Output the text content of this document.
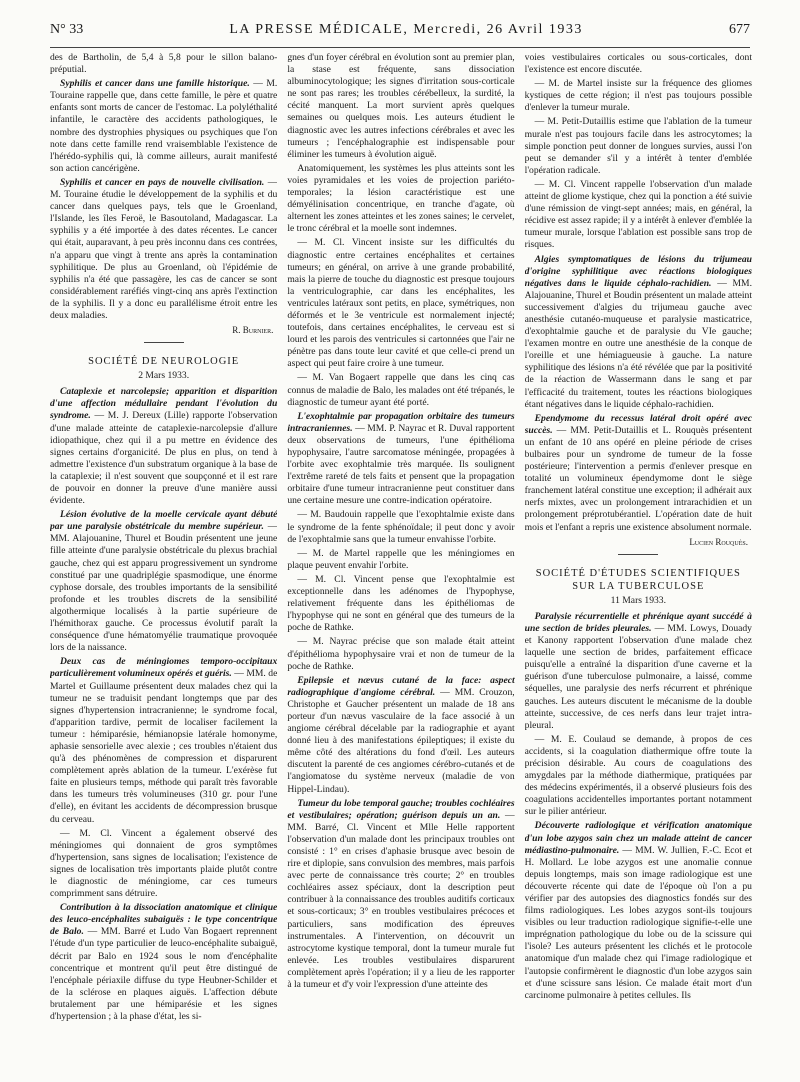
N° 33	LA PRESSE MÉDICALE, Mercredi, 26 Avril 1933	677

des de Bartholin, de 5,4 à 5,8 pour le sillon balano-préputial.

Syphilis et cancer dans une famille historique. — M. Touraine rappelle que, dans cette famille, le père et quatre enfants sont morts de cancer de l'estomac. La polyléthalité infantile, le caractère des accidents pathologiques, le nombre des dystrophies physiques ou psychiques que l'on note dans cette famille rend vraisemblable l'existence de l'hérédo-syphilis qui, là comme ailleurs, aurait manifesté son action cancérigène.

Syphilis et cancer en pays de nouvelle civilisation. — M. Touraine étudie le développement de la syphilis et du cancer dans quelques pays, tels que le Groenland, l'Islande, les îles Feroë, le Basoutoland, Madagascar. La syphilis y a été importée à des dates récentes. Le cancer qui était, auparavant, à peu près inconnu dans ces contrées, n'a apparu que vingt à trente ans après la contamination syphilitique. De plus au Groenland, où l'épidémie de syphilis n'a été que passagère, les cas de cancer se sont considérablement raréfiés vingt-cinq ans après l'extinction de la syphilis. Il y a donc eu parallélisme étroit entre les deux maladies.

R. Burnier.
SOCIÉTÉ DE NEUROLOGIE
2 Mars 1933.

Cataplexie et narcolepsie; apparition et disparition d'une affection médullaire pendant l'évolution du syndrome. — M. J. Dereux (Lille) rapporte l'observation d'une malade atteinte de cataplexie-narcolepsie d'allure idiopathique, chez qui il a pu mettre en évidence des signes certains d'organicité. De plus en plus, on tend à admettre l'existence d'un substratum organique à la base de la cataplexie; il n'est souvent que soupçonné et il est rare de pouvoir en donner la preuve d'une manière aussi évidente.

Lésion évolutive de la moelle cervicale ayant débuté par une paralysie obstétricale du membre supérieur. — MM. Alajouanine, Thurel et Boudin présentent une jeune fille atteinte d'une paralysie obstétricale du plexus brachial gauche, chez qui est apparu progressivement un syndrome constitué par une quadriplégie spasmodique, une énorme cyphose dorsale, des troubles importants de la sensibilité profonde et les troubles discrets de la sensibilité algothermique localisés à la partie supérieure de l'hémithorax gauche. Ce processus évolutif paraît la conséquence d'une hématomyélie traumatique provoquée lors de la naissance.

Deux cas de méningiomes temporo-occipitaux particulièrement volumineux opérés et guéris. — MM. de Martel et Guillaume présentent deux malades chez qui la tumeur ne se traduisit pendant longtemps que par des signes d'hypertension intracranienne; le syndrome focal, d'apparition tardive, permit de localiser facilement la tumeur : hémiparésie, hémianopsie latérale homonyme, aphasie sensorielle avec alexie ; ces troubles n'étaient dus qu'à des phénomènes de compression et disparurent complètement après ablation de la tumeur. L'exérèse fut faite en plusieurs temps, méthode qui paraît très favorable dans les tumeurs très volumineuses (310 gr. pour l'une d'elle), en évitant les accidents de décompression brusque du cerveau.

— M. Cl. Vincent a également observé des méningiomes qui donnaient de gros symptômes d'hypertension, sans signes de localisation; l'existence de signes de localisation très importants plaide plutôt contre le diagnostic de méningiome, car ces tumeurs comprimment sans détruire.

Contribution à la dissociation anatomique et clinique des leuco-encéphalites subaiguës : le type concentrique de Balo. — MM. Barré et Ludo Van Bogaert reprennent l'étude d'un type particulier de leuco-encéphalite subaiguë, décrit par Balo en 1924 sous le nom d'encéphalite concentrique et montrent qu'il peut être distingué de l'encéphale périaxile diffuse du type Heubner-Schilder et de la sclérose en plaques aiguës. L'affection débute brutalement par une hémiparésie et les signes d'hypertension ; à la phase d'état, les si-

gnes d'un foyer cérébral en évolution sont au premier plan, la stase est fréquente, sans dissociation albuminocytologique; les signes d'irritation sous-corticale ne sont pas rares; les troubles cérébelleux, la surdité, la cécité manquent. La mort survient après quelques semaines ou quelques mois. Les auteurs étudient le diagnostic avec les autres infections cérébrales et avec les tumeurs ; l'encéphalographie est indispensable pour éliminer les tumeurs à évolution aiguë.

Anatomiquement, les systèmes les plus atteints sont les voies pyramidales et les voies de projection pariéto-temporales; la lésion caractéristique est une démyélinisation concentrique, en tranche d'agate, où alternent les zones atteintes et les zones saines; le cervelet, le tronc cérébral et la moelle sont indemnes.

— M. Cl. Vincent insiste sur les difficultés du diagnostic entre certaines encéphalites et certaines tumeurs; en général, on arrive à une grande probabilité, mais la pierre de touche du diagnostic est presque toujours la ventriculographie, car dans les encéphalites, les ventricules latéraux sont petits, en place, symétriques, non déformés et le 3e ventricule est normalement injecté; toutefois, dans certaines encéphalites, le cerveau est si lourd et les parois des ventricules si cartonnées que l'air ne pénètre pas dans toute leur cavité et que celle-ci prend un aspect qui peut faire croire à une tumeur.

— M. Van Bogaert rappelle que dans les cinq cas connus de maladie de Balo, les malades ont été trépanés, le diagnostic de tumeur ayant été porté.

L'exophtalmie par propagation orbitaire des tumeurs intracraniennes. — MM. P. Nayrac et R. Duval rapportent deux observations de tumeurs, l'une épithélioma hypophysaire, l'autre sarcomatose méningée, propagées à l'orbite avec exophtalmie très marquée. Ils soulignent l'extrême rareté de tels faits et pensent que la propagation orbitaire d'une tumeur intracranienne peut constituer dans une certaine mesure une contre-indication opératoire.

— M. Baudouin rappelle que l'exophtalmie existe dans le syndrome de la fente sphénoïdale; il peut donc y avoir de l'exophtalmie sans que la tumeur envahisse l'orbite.

— M. de Martel rappelle que les méningiomes en plaque peuvent envahir l'orbite.

— M. Cl. Vincent pense que l'exophtalmie est exceptionnelle dans les adénomes de l'hypophyse, relativement fréquente dans les épithéliomas de l'hypophyse qui ne sont en général que des tumeurs de la poche de Rathke.

— M. Nayrac précise que son malade était atteint d'épithélioma hypophysaire vrai et non de tumeur de la poche de Rathke.

Epilepsie et nævus cutané de la face: aspect radiographique d'angiome cérébral. — MM. Crouzon, Christophe et Gaucher présentent un malade de 18 ans porteur d'un nævus vasculaire de la face associé à un angiome cérébral décelable par la radiographie et ayant donné lieu à des manifestations épileptiques; il existe du même côté des altérations du fond d'œil. Les auteurs discutent la parenté de ces angiomes cérébro-cutanés et de l'angiomatose du système nerveux (maladie de von Hippel-Lindau).

Tumeur du lobe temporal gauche; troubles cochléaires et vestibulaires; opération; guérison depuis un an. — MM. Barré, Cl. Vincent et Mlle Helle rapportent l'observation d'un malade dont les principaux troubles ont consisté : 1° en crises d'aphasie brusque avec besoin de rire et diplopie, sans convulsion des membres, mais parfois avec perte de connaissance très courte; 2° en troubles cochléaires assez spéciaux, dont la description peut contribuer à la connaissance des troubles auditifs corticaux et sous-corticaux; 3° en troubles vestibulaires précoces et particuliers, sans modification des épreuves instrumentales. A l'intervention, on découvrit un astrocytome kystique temporal, dont la tumeur murale fut enlevée. Les troubles vestibulaires disparurent complètement après l'opération; il y a lieu de les rapporter à la tumeur et d'y voir l'expression d'une atteinte des

voies vestibulaires corticales ou sous-corticales, dont l'existence est encore discutée.

— M. de Martel insiste sur la fréquence des gliomes kystiques de cette région; il n'est pas toujours possible d'enlever la tumeur murale.

— M. Petit-Dutaillis estime que l'ablation de la tumeur murale n'est pas toujours facile dans les astrocytomes; la simple ponction peut donner de longues survies, aussi l'on peut se demander s'il y a intérêt à tenter d'emblée l'opération radicale.

— M. Cl. Vincent rappelle l'observation d'un malade atteint de gliome kystique, chez qui la ponction a été suivie d'une rémission de vingt-sept années; mais, en général, la récidive est assez rapide; il y a intérêt à enlever d'emblée la tumeur murale, lorsque l'ablation est possible sans trop de risques.

Algies symptomatiques de lésions du trijumeau d'origine syphilitique avec réactions biologiques négatives dans le liquide céphalo-rachidien. — MM. Alajouanine, Thurel et Boudin présentent un malade atteint successivement d'algies du trijumeau gauche avec anesthésie cutanéo-muqueuse et paralysie masticatrice, d'exophtalmie gauche et de paralysie du VIe gauche; l'examen montre en outre une anesthésie de la conque de l'oreille et une hémiagueusie à gauche. La nature syphilitique des lésions n'a été révélée que par la positivité de la réaction de Wassermann dans le sang et par l'efficacité du traitement, toutes les réactions biologiques étant négatives dans le liquide céphalo-rachidien.

Ependymome du recessus latéral droit opéré avec succès. — MM. Petit-Dutaillis et L. Rouquès présentent un enfant de 10 ans opéré en pleine période de crises bulbaires pour un syndrome de tumeur de la fosse postérieure; l'intervention a permis d'enlever presque en totalité un volumineux épendymome dont le siège franchement latéral constitue une exception; il adhérait aux nerfs mixtes, avec un prolongement intrarachidien et un prolongement préprotubérantiel. L'opération date de huit mois et l'enfant a repris une existence absolument normale.

Lucien Rouquès.
SOCIÉTÉ D'ÉTUDES SCIENTIFIQUES
SUR LA TUBERCULOSE
11 Mars 1933.

Paralysie récurrentielle et phrénique ayant succédé à une section de brides pleurales. — MM. Lowys, Douady et Kanony rapportent l'observation d'une malade chez laquelle une section de brides, parfaitement efficace puisqu'elle a entraîné la disparition d'une caverne et la guérison d'une tuberculose pulmonaire, a laissé, comme séquelles, une paralysie des nerfs récurrent et phrénique gauches. Les auteurs discutent le mécanisme de la double atteinte, successive, de ces nerfs dans leur trajet intra-pleural.

— M. E. Coulaud se demande, à propos de ces accidents, si la coagulation diathermique offre toute la précision désirable. Au cours de coagulations des amygdales par la méthode diathermique, pratiquées par des médecins expérimentés, il a observé plusieurs fois des coagulations accidentelles importantes portant notamment sur le pilier antérieur.

Découverte radiologique et vérification anatomique d'un lobe azygos sain chez un malade atteint de cancer médiastino-pulmonaire. — MM. W. Jullien, F.-C. Ecot et H. Mollard. Le lobe azygos est une anomalie connue depuis longtemps, mais son image radiologique est une découverte récente qui date de l'époque où l'on a pu vérifier par des autopsies des diagnostics fondés sur des films radiologiques. Les lobes azygos sont-ils toujours visibles ou leur traduction radiologique signifie-t-elle une imprégnation pathologique du lobe ou de la scissure qui l'isole? Les auteurs présentent les clichés et le protocole anatomique d'un malade chez qui l'image radiologique et l'autopsie confirmèrent le diagnostic d'un lobe azygos sain et d'une scissure sans lésion. Ce malade était mort d'un carcinome pulmonaire à petites cellules. Ils
